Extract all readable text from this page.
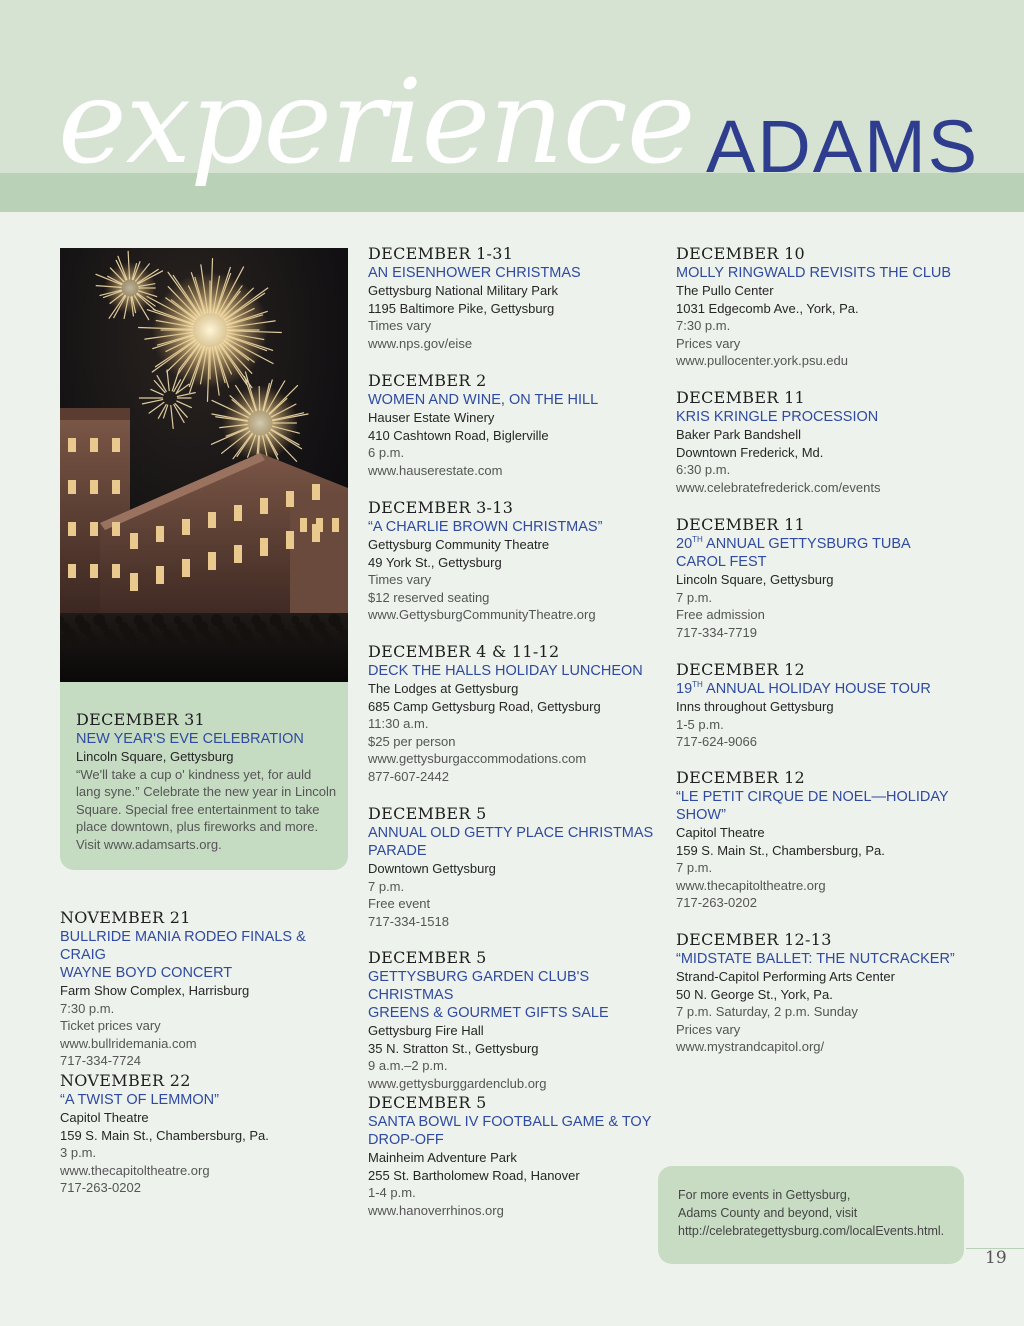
experience ADAMS
DECEMBER 31
NEW YEAR'S EVE CELEBRATION
Lincoln Square, Gettysburg
“We'll take a cup o' kindness yet, for auld
lang syne.” Celebrate the new year in Lincoln
Square. Special free entertainment to take
place downtown, plus fireworks and more.
Visit www.adamsarts.org.
NOVEMBER 21
BULLRIDE MANIA RODEO FINALS & CRAIG
WAYNE BOYD CONCERT
Farm Show Complex, Harrisburg
7:30 p.m.
Ticket prices vary
www.bullridemania.com
717-334-7724
NOVEMBER 22
“A TWIST OF LEMMON”
Capitol Theatre
159 S. Main St., Chambersburg, Pa.
3 p.m.
www.thecapitoltheatre.org
717-263-0202
DECEMBER 1-31
AN EISENHOWER CHRISTMAS
Gettysburg National Military Park
1195 Baltimore Pike, Gettysburg
Times vary
www.nps.gov/eise
DECEMBER 2
WOMEN AND WINE, ON THE HILL
Hauser Estate Winery
410 Cashtown Road, Biglerville
6 p.m.
www.hauserestate.com
DECEMBER 3-13
“A CHARLIE BROWN CHRISTMAS”
Gettysburg Community Theatre
49 York St., Gettysburg
Times vary
$12 reserved seating
www.GettysburgCommunityTheatre.org
DECEMBER 4 & 11-12
DECK THE HALLS HOLIDAY LUNCHEON
The Lodges at Gettysburg
685 Camp Gettysburg Road, Gettysburg
11:30 a.m.
$25 per person
www.gettysburgaccommodations.com
877-607-2442
DECEMBER 5
ANNUAL OLD GETTY PLACE CHRISTMAS
PARADE
Downtown Gettysburg
7 p.m.
Free event
717-334-1518
DECEMBER 5
GETTYSBURG GARDEN CLUB'S CHRISTMAS
GREENS & GOURMET GIFTS SALE
Gettysburg Fire Hall
35 N. Stratton St., Gettysburg
9 a.m.–2 p.m.
www.gettysburggardenclub.org
DECEMBER 5
SANTA BOWL IV FOOTBALL GAME & TOY
DROP-OFF
Mainheim Adventure Park
255 St. Bartholomew Road, Hanover
1-4 p.m.
www.hanoverrhinos.org
DECEMBER 10
MOLLY RINGWALD REVISITS THE CLUB
The Pullo Center
1031 Edgecomb Ave., York, Pa.
7:30 p.m.
Prices vary
www.pullocenter.york.psu.edu
DECEMBER 11
KRIS KRINGLE PROCESSION
Baker Park Bandshell
Downtown Frederick, Md.
6:30 p.m.
www.celebratefrederick.com/events
DECEMBER 11
20TH ANNUAL GETTYSBURG TUBA
CAROL FEST
Lincoln Square, Gettysburg
7 p.m.
Free admission
717-334-7719
DECEMBER 12
19TH ANNUAL HOLIDAY HOUSE TOUR
Inns throughout Gettysburg
1-5 p.m.
717-624-9066
DECEMBER 12
“LE PETIT CIRQUE DE NOEL—HOLIDAY
SHOW”
Capitol Theatre
159 S. Main St., Chambersburg, Pa.
7 p.m.
www.thecapitoltheatre.org
717-263-0202
DECEMBER 12-13
“MIDSTATE BALLET: THE NUTCRACKER”
Strand-Capitol Performing Arts Center
50 N. George St., York, Pa.
7 p.m. Saturday, 2 p.m. Sunday
Prices vary
www.mystrandcapitol.org/
For more events in Gettysburg,
Adams County and beyond, visit
http://celebrategettysburg.com/localEvents.html.
19
